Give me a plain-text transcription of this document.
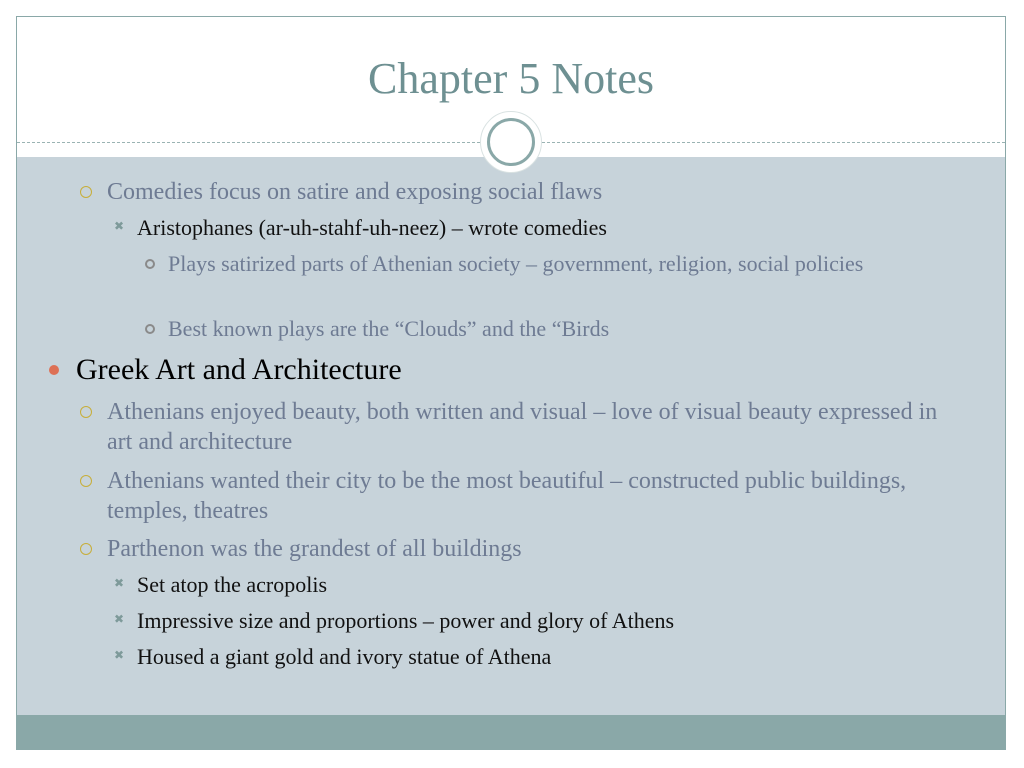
Chapter 5 Notes
Comedies focus on satire and exposing social flaws
✖ Aristophanes (ar-uh-stahf-uh-neez) – wrote comedies
Plays satirized parts of Athenian society – government, religion, social policies
Best known plays are the “Clouds” and the “Birds
Greek Art and Architecture
Athenians enjoyed beauty, both written and visual – love of visual beauty expressed in art and architecture
Athenians wanted their city to be the most beautiful – constructed public buildings, temples, theatres
Parthenon was the grandest of all buildings
✖ Set atop the acropolis
✖ Impressive size and proportions – power and glory of Athens
✖ Housed a giant gold and ivory statue of Athena
